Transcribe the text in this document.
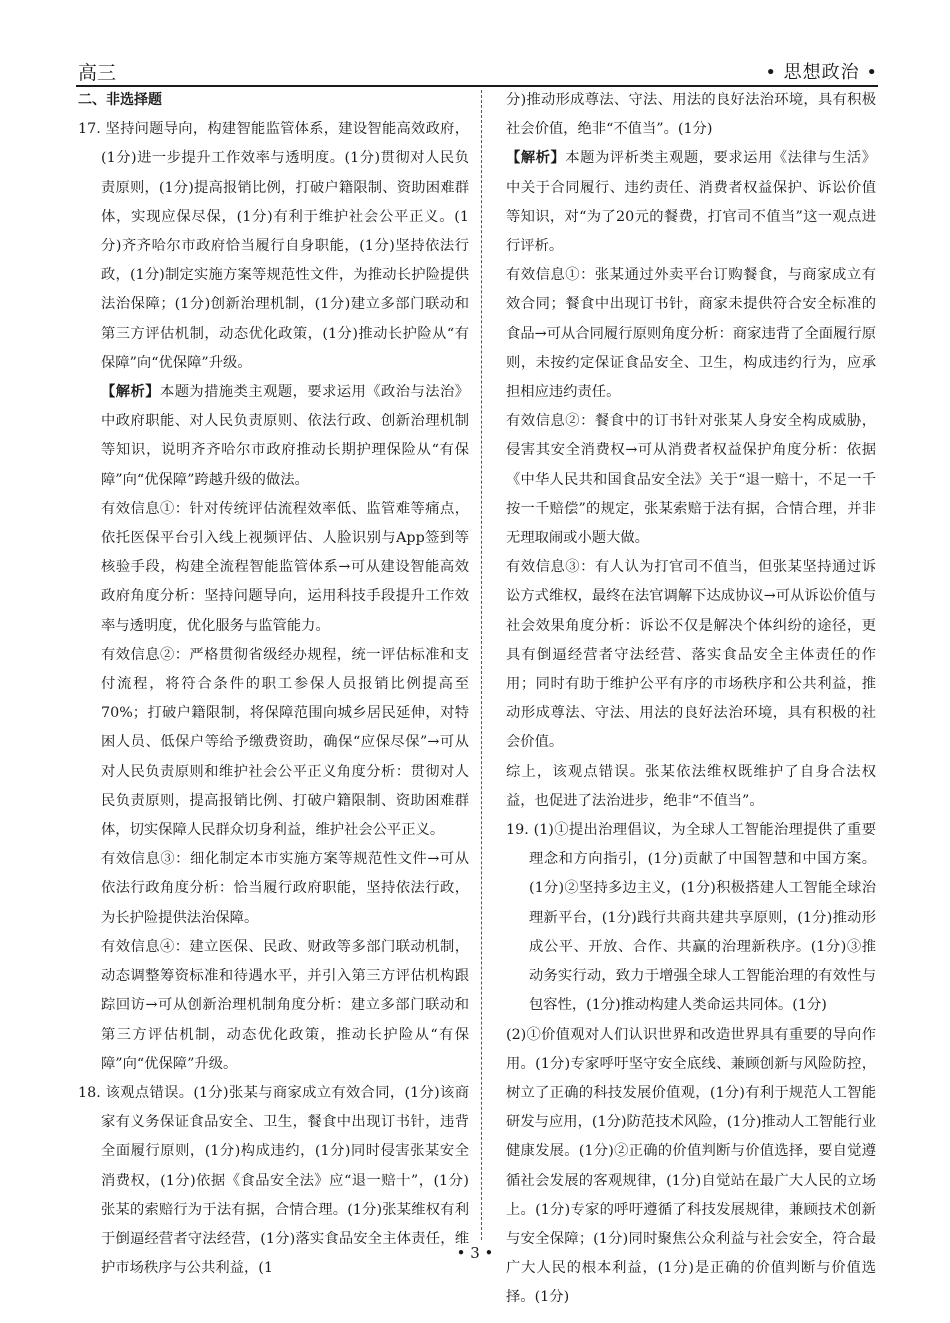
高三	• 思想政治 •

二、非选择题

17. 坚持问题导向，构建智能监管体系，建设智能高效政府，(1分)进一步提升工作效率与透明度。(1分)贯彻对人民负责原则，(1分)提高报销比例，打破户籍限制、资助困难群体，实现应保尽保，(1分)有利于维护社会公平正义。(1分)齐齐哈尔市政府恰当履行自身职能，(1分)坚持依法行政，(1分)制定实施方案等规范性文件，为推动长护险提供法治保障；(1分)创新治理机制，(1分)建立多部门联动和第三方评估机制，动态优化政策，(1分)推动长护险从“有保障”向“优保障”升级。

【解析】本题为措施类主观题，要求运用《政治与法治》中政府职能、对人民负责原则、依法行政、创新治理机制等知识，说明齐齐哈尔市政府推动长期护理保险从“有保障”向“优保障”跨越升级的做法。

有效信息①：针对传统评估流程效率低、监管难等痛点，依托医保平台引入线上视频评估、人脸识别与App签到等核验手段，构建全流程智能监管体系→可从建设智能高效政府角度分析：坚持问题导向，运用科技手段提升工作效率与透明度，优化服务与监管能力。

有效信息②：严格贯彻省级经办规程，统一评估标准和支付流程，将符合条件的职工参保人员报销比例提高至70%；打破户籍限制，将保障范围向城乡居民延伸，对特困人员、低保户等给予缴费资助，确保“应保尽保”→可从对人民负责原则和维护社会公平正义角度分析：贯彻对人民负责原则，提高报销比例、打破户籍限制、资助困难群体，切实保障人民群众切身利益，维护社会公平正义。

有效信息③：细化制定本市实施方案等规范性文件→可从依法行政角度分析：恰当履行政府职能，坚持依法行政，为长护险提供法治保障。

有效信息④：建立医保、民政、财政等多部门联动机制，动态调整筹资标准和待遇水平，并引入第三方评估机构跟踪回访→可从创新治理机制角度分析：建立多部门联动和第三方评估机制，动态优化政策，推动长护险从“有保障”向“优保障”升级。

18. 该观点错误。(1分)张某与商家成立有效合同，(1分)该商家有义务保证食品安全、卫生，餐食中出现订书针，违背全面履行原则，(1分)构成违约，(1分)同时侵害张某安全消费权，(1分)依据《食品安全法》应“退一赔十”，(1分)张某的索赔行为于法有据，合情合理。(1分)张某维权有利于倒逼经营者守法经营，(1分)落实食品安全主体责任，维护市场秩序与公共利益，(1

分)推动形成尊法、守法、用法的良好法治环境，具有积极社会价值，绝非“不值当”。(1分)

【解析】本题为评析类主观题，要求运用《法律与生活》中关于合同履行、违约责任、消费者权益保护、诉讼价值等知识，对“为了20元的餐费，打官司不值当”这一观点进行评析。

有效信息①：张某通过外卖平台订购餐食，与商家成立有效合同；餐食中出现订书针，商家未提供符合安全标准的食品→可从合同履行原则角度分析：商家违背了全面履行原则，未按约定保证食品安全、卫生，构成违约行为，应承担相应违约责任。

有效信息②：餐食中的订书针对张某人身安全构成威胁，侵害其安全消费权→可从消费者权益保护角度分析：依据《中华人民共和国食品安全法》关于“退一赔十，不足一千按一千赔偿”的规定，张某索赔于法有据，合情合理，并非无理取闹或小题大做。

有效信息③：有人认为打官司不值当，但张某坚持通过诉讼方式维权，最终在法官调解下达成协议→可从诉讼价值与社会效果角度分析：诉讼不仅是解决个体纠纷的途径，更具有倒逼经营者守法经营、落实食品安全主体责任的作用；同时有助于维护公平有序的市场秩序和公共利益，推动形成尊法、守法、用法的良好法治环境，具有积极的社会价值。

综上，该观点错误。张某依法维权既维护了自身合法权益，也促进了法治进步，绝非“不值当”。

19. (1)①提出治理倡议，为全球人工智能治理提供了重要理念和方向指引，(1分)贡献了中国智慧和中国方案。(1分)②坚持多边主义，(1分)积极搭建人工智能全球治理新平台，(1分)践行共商共建共享原则，(1分)推动形成公平、开放、合作、共赢的治理新秩序。(1分)③推动务实行动，致力于增强全球人工智能治理的有效性与包容性，(1分)推动构建人类命运共同体。(1分)

(2)①价值观对人们认识世界和改造世界具有重要的导向作用。(1分)专家呼吁坚守安全底线、兼顾创新与风险防控，树立了正确的科技发展价值观，(1分)有利于规范人工智能研发与应用，(1分)防范技术风险，(1分)推动人工智能行业健康发展。(1分)②正确的价值判断与价值选择，要自觉遵循社会发展的客观规律，(1分)自觉站在最广大人民的立场上。(1分)专家的呼吁遵循了科技发展规律，兼顾技术创新与安全保障；(1分)同时聚焦公众利益与社会安全，符合最广大人民的根本利益，(1分)是正确的价值判断与价值选择。(1分)

• 3 •
